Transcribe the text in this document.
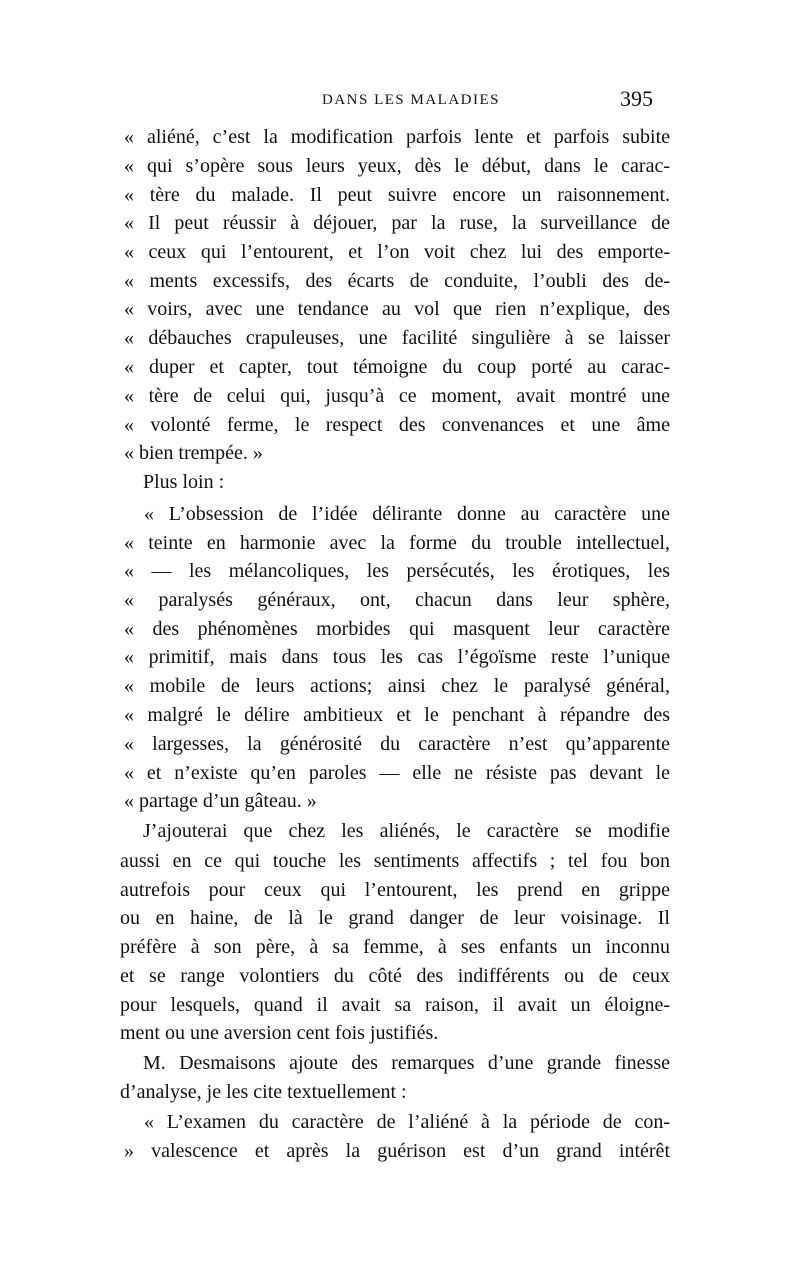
DANS LES MALADIES	395
« aliéné, c’est la modification parfois lente et parfois subite
« qui s’opère sous leurs yeux, dès le début, dans le carac-
« tère du malade. Il peut suivre encore un raisonnement.
« Il peut réussir à déjouer, par la ruse, la surveillance de
« ceux qui l’entourent, et l’on voit chez lui des emporte-
« ments excessifs, des écarts de conduite, l’oubli des de-
« voirs, avec une tendance au vol que rien n’explique, des
« débauches crapuleuses, une facilité singulière à se laisser
« duper et capter, tout témoigne du coup porté au carac-
« tère de celui qui, jusqu’à ce moment, avait montré une
« volonté ferme, le respect des convenances et une âme
« bien trempée. »
Plus loin :
« L’obsession de l’idée délirante donne au caractère une
« teinte en harmonie avec la forme du trouble intellectuel,
« — les mélancoliques, les persécutés, les érotiques, les
« paralysés généraux, ont, chacun dans leur sphère,
« des phénomènes morbides qui masquent leur caractère
« primitif, mais dans tous les cas l’égoïsme reste l’unique
« mobile de leurs actions; ainsi chez le paralysé général,
« malgré le délire ambitieux et le penchant à répandre des
« largesses, la générosité du caractère n’est qu’apparente
« et n’existe qu’en paroles — elle ne résiste pas devant le
« partage d’un gâteau. »
J’ajouterai que chez les aliénés, le caractère se modifie
aussi en ce qui touche les sentiments affectifs ; tel fou bon
autrefois pour ceux qui l’entourent, les prend en grippe
ou en haine, de là le grand danger de leur voisinage. Il
préfère à son père, à sa femme, à ses enfants un inconnu
et se range volontiers du côté des indifférents ou de ceux
pour lesquels, quand il avait sa raison, il avait un éloigne-
ment ou une aversion cent fois justifiés.
M. Desmaisons ajoute des remarques d’une grande finesse
d’analyse, je les cite textuellement :
« L’examen du caractère de l’aliéné à la période de con-
» valescence et après la guérison est d’un grand intérêt
